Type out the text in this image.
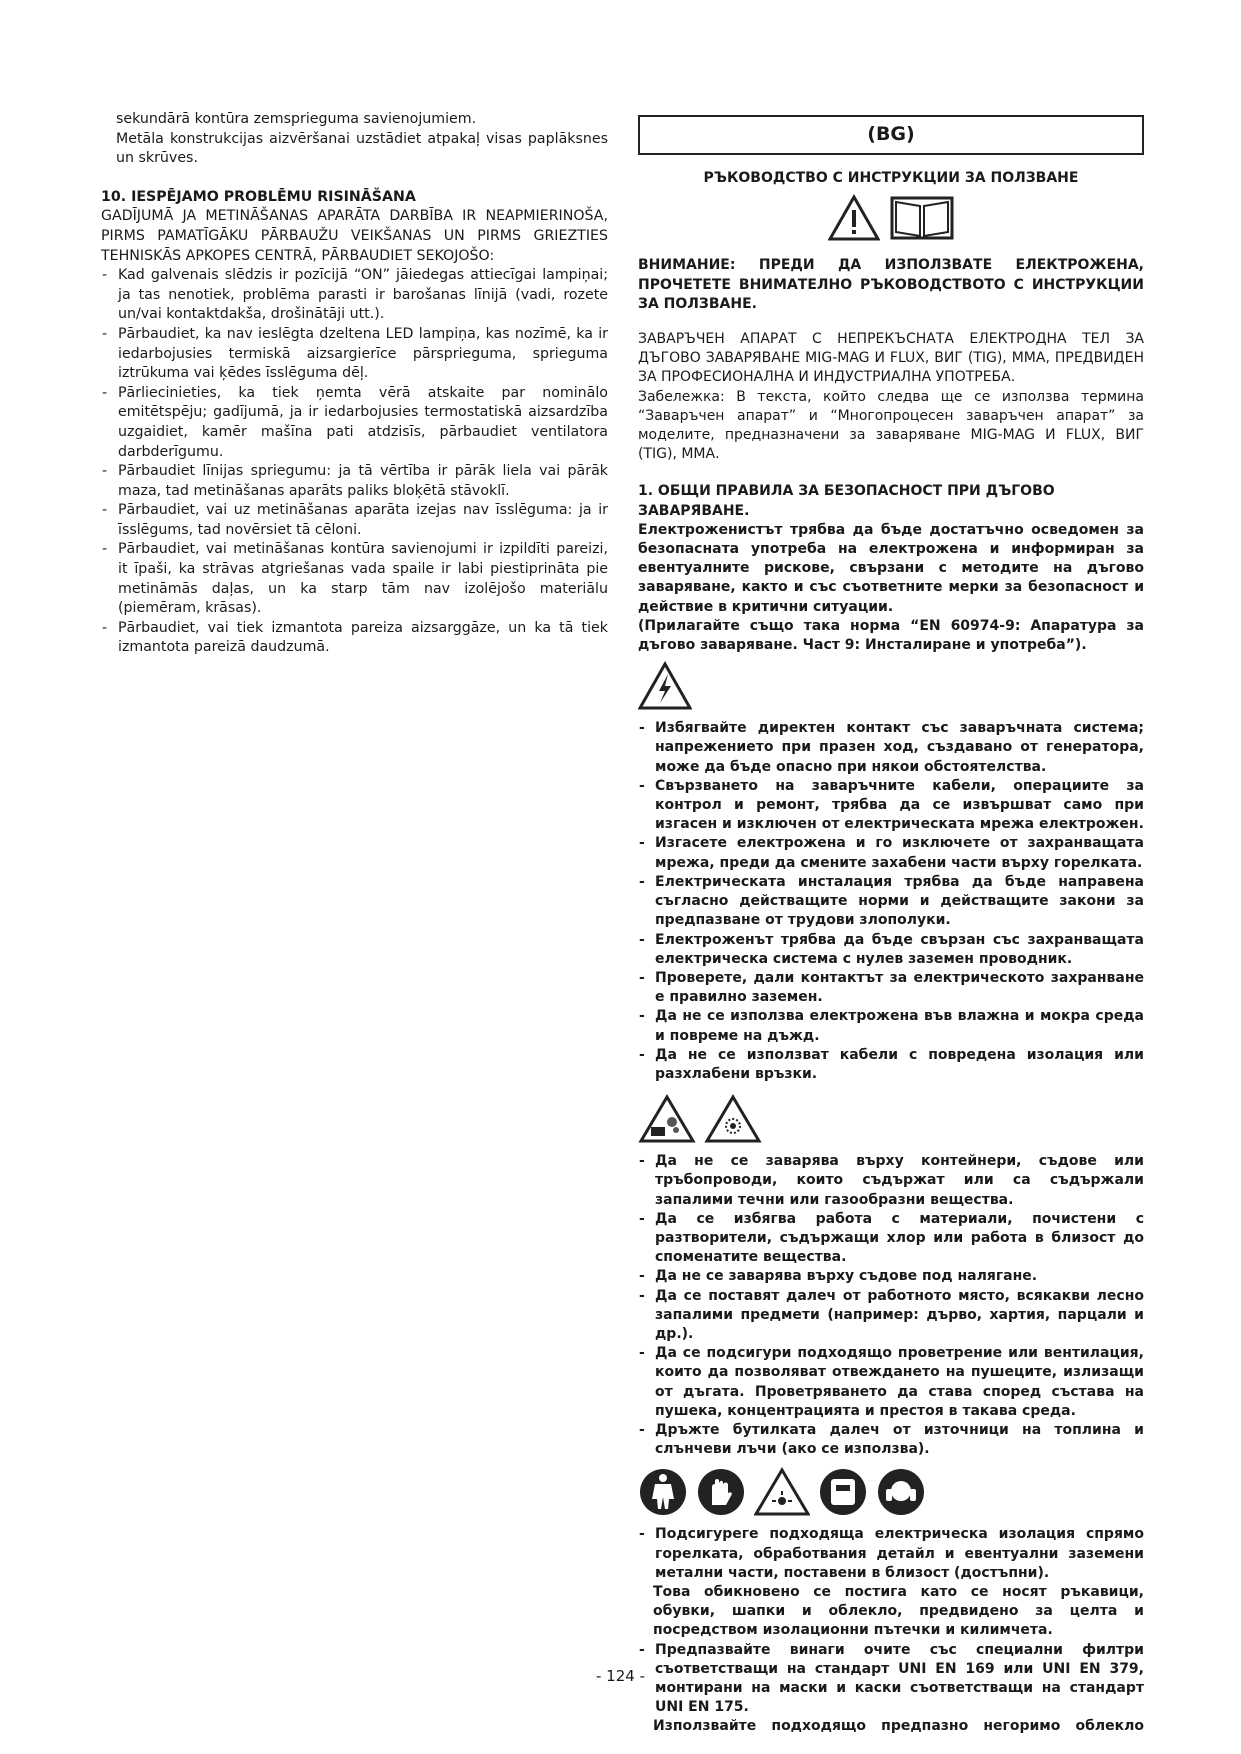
sekundārā kontūra zemsprieguma savienojumiem.

Metāla konstrukcijas aizvēršanai uzstādiet atpakaļ visas paplāksnes un skrūves.

10. IESPĒJAMO PROBLĒMU RISINĀŠANA

GADĪJUMĀ JA METINĀŠANAS APARĀTA DARBĪBA IR NEAPMIERINOŠA, PIRMS PAMATĪGĀKU PĀRBAUŽU VEIKŠANAS UN PIRMS GRIEZTIES TEHNISKĀS APKOPES CENTRĀ, PĀRBAUDIET SEKOJOŠO:

- Kad galvenais slēdzis ir pozīcijā “ON” jāiedegas attiecīgai lampiņai; ja tas nenotiek, problēma parasti ir barošanas līnijā (vadi, rozete un/vai kontaktdakša, drošinātāji utt.).

- Pārbaudiet, ka nav ieslēgta dzeltena LED lampiņa, kas nozīmē, ka ir iedarbojusies termiskā aizsargierīce pārsprieguma, sprieguma iztrūkuma vai ķēdes īsslēguma dēļ.

- Pārliecinieties, ka tiek ņemta vērā atskaite par nominālo emitētspēju; gadījumā, ja ir iedarbojusies termostatiskā aizsardzība uzgaidiet, kamēr mašīna pati atdzisīs, pārbaudiet ventilatora darbderīgumu.

- Pārbaudiet līnijas spriegumu: ja tā vērtība ir pārāk liela vai pārāk maza, tad metināšanas aparāts paliks bloķētā stāvoklī.

- Pārbaudiet, vai uz metināšanas aparāta izejas nav īsslēguma: ja ir īsslēgums, tad novērsiet tā cēloni.

- Pārbaudiet, vai metināšanas kontūra savienojumi ir izpildīti pareizi, it īpaši, ka strāvas atgriešanas vada spaile ir labi piestiprināta pie metināmās daļas, un ka starp tām nav izolējošo materiālu (piemēram, krāsas).

- Pārbaudiet, vai tiek izmantota pareiza aizsarggāze, un ka tā tiek izmantota pareizā daudzumā.

(BG)

РЪКОВОДСТВО С ИНСТРУКЦИИ ЗА ПОЛЗВАНЕ

ВНИМАНИЕ: ПРЕДИ ДА ИЗПОЛЗВАТЕ ЕЛЕКТРОЖЕНА, ПРОЧЕТЕТЕ ВНИМАТЕЛНО РЪКОВОДСТВОТО С ИНСТРУКЦИИ ЗА ПОЛЗВАНЕ.

ЗАВАРЪЧЕН АПАРАТ С НЕПРЕКЪСНАТА ЕЛЕКТРОДНА ТЕЛ ЗА ДЪГОВО ЗАВАРЯВАНЕ MIG-MAG И FLUX, ВИГ (TIG), ММА, ПРЕДВИДЕН ЗА ПРОФЕСИОНАЛНА И ИНДУСТРИАЛНА УПОТРЕБА.

Забележка: В текста, който следва ще се използва термина “Заваръчен апарат” и “Многопроцесен заваръчен апарат” за моделите, предназначени за заваряване MIG-MAG И FLUX, ВИГ (TIG), ММА.

1. ОБЩИ ПРАВИЛА ЗА БЕЗОПАСНОСТ ПРИ ДЪГОВО ЗАВАРЯВАНЕ.

Електроженистът трябва да бъде достатъчно осведомен за безопасната употреба на електрожена и информиран за евентуалните рискове, свързани с методите на дъгово заваряване, както и със съответните мерки за безопасност и действие в критични ситуации.

(Прилагайте също така норма “EN 60974-9: Апаратура за дъгово заваряване. Част 9: Инсталиране и употреба”).

- Избягвайте директен контакт със заваръчната система; напрежението при празен ход, създавано от генератора, може да бъде опасно при някои обстоятелства.

- Свързването на заваръчните кабели, операциите за контрол и ремонт, трябва да се извършват само при изгасен и изключен от електрическата мрежа електрожен.

- Изгасете електрожена и го изключете от захранващата мрежа, преди да смените захабени части върху горелката.

- Електрическата инсталация трябва да бъде направена съгласно действащите норми и действащите закони за предпазване от трудови злополуки.

- Електроженът трябва да бъде свързан със захранващата електрическа система с нулев заземен проводник.

- Проверете, дали контактът за електрическото захранване е правилно заземен.

- Да не се използва електрожена във влажна и мокра среда и повреме на дъжд.

- Да не се използват кабели с повредена изолация или разхлабени връзки.

- Да не се заварява върху контейнери, съдове или тръбопроводи, които съдържат или са съдържали запалими течни или газообразни вещества.

- Да се избягва работа с материали, почистени с разтворители, съдържащи хлор или работа в близост до споменатите вещества.

- Да не се заварява върху съдове под налягане.

- Да се поставят далеч от работното място, всякакви лесно запалими предмети (например: дърво, хартия, парцали и др.).

- Да се подсигури подходящо проветрение или вентилация, които да позволяват отвеждането на пушеците, излизащи от дъгата. Проветряването да става според състава на пушека, концентрацията и престоя в такава среда.

- Дръжте бутилката далеч от източници на топлина и слънчеви лъчи (ако се използва).

- Подсигуреге подходяща електрическа изолация спрямо горелката, обработвания детайл и евентуални заземени метални части, поставени в близост (достъпни).

Това обикновено се постига като се носят ръкавици, обувки, шапки и облекло, предвидено за целта и посредством изолационни пътечки и килимчета.

- Предпазвайте винаги очите със специални филтри съответстващи на стандарт UNI EN 169 или UNI EN 379, монтирани на маски и каски съответстващи на стандарт UNI EN 175.

Използвайте подходящо предпазно негоримо облекло

- 124 -
